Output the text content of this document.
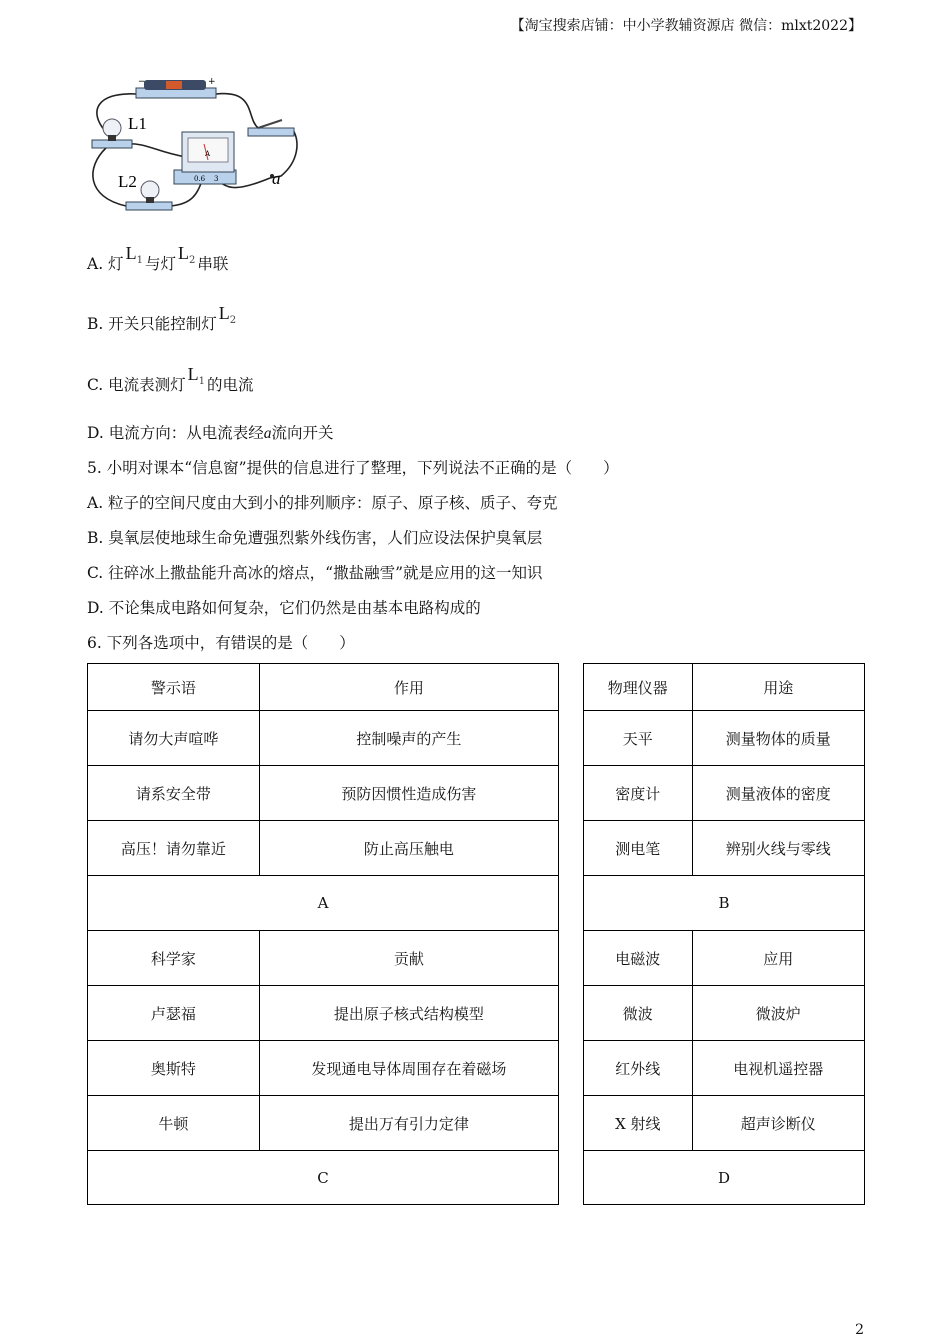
【淘宝搜索店铺：中小学教辅资源店 微信：mlxt2022】
−	+
L1
L2
A
0.6 3	a
A. 灯$L^1$ 与灯$L^2$ 串联
B. 开关只能控制灯$L^2$
C. 电流表测灯$L^1$ 的电流
D. 电流方向：从电流表经a流向开关
5. 小明对课本“信息窗”提供的信息进行了整理，下列说法不正确的是（　　）
A. 粒子的空间尺度由大到小的排列顺序：原子、原子核、质子、夸克
B. 臭氧层使地球生命免遭强烈紫外线伤害，人们应设法保护臭氧层
C. 往碎冰上撒盐能升高冰的熔点，“撒盐融雪”就是应用的这一知识
D. 不论集成电路如何复杂，它们仍然是由基本电路构成的
6. 下列各选项中，有错误的是（　　）
警示语	作用
请勿大声喧哗	控制噪声的产生
请系安全带	预防因惯性造成伤害
高压！请勿靠近	防止高压触电
A	
科学家	贡献
卢瑟福	提出原子核式结构模型
奥斯特	发现通电导体周围存在着磁场
牛顿	提出万有引力定律
C	
物理仪器	用途
天平	测量物体的质量
密度计	测量液体的密度
测电笔	辨别火线与零线
B	
电磁波	应用
微波	微波炉
红外线	电视机遥控器
X 射线	超声诊断仪
D	
2
